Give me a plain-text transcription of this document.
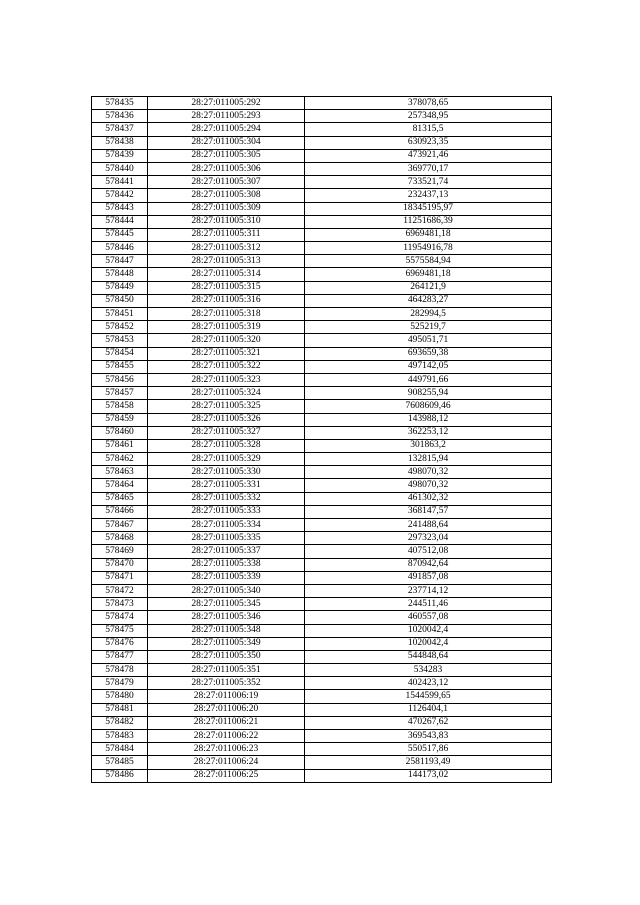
578435	28:27:011005:292	378078,65
578436	28:27:011005:293	257348,95
578437	28:27:011005:294	81315,5
578438	28:27:011005:304	630923,35
578439	28:27:011005:305	473921,46
578440	28:27:011005:306	369770,17
578441	28:27:011005:307	733521,74
578442	28:27:011005:308	232437,13
578443	28:27:011005:309	18345195,97
578444	28:27:011005:310	11251686,39
578445	28:27:011005:311	6969481,18
578446	28:27:011005:312	11954916,78
578447	28:27:011005:313	5575584,94
578448	28:27:011005:314	6969481,18
578449	28:27:011005:315	264121,9
578450	28:27:011005:316	464283,27
578451	28:27:011005:318	282994,5
578452	28:27:011005:319	525219,7
578453	28:27:011005:320	495051,71
578454	28:27:011005:321	693659,38
578455	28:27:011005:322	497142,05
578456	28:27:011005:323	449791,66
578457	28:27:011005:324	908255,94
578458	28:27:011005:325	7608609,46
578459	28:27:011005:326	143988,12
578460	28:27:011005:327	362253,12
578461	28:27:011005:328	301863,2
578462	28:27:011005:329	132815,94
578463	28:27:011005:330	498070,32
578464	28:27:011005:331	498070,32
578465	28:27:011005:332	461302,32
578466	28:27:011005:333	368147,57
578467	28:27:011005:334	241488,64
578468	28:27:011005:335	297323,04
578469	28:27:011005:337	407512,08
578470	28:27:011005:338	870942,64
578471	28:27:011005:339	491857,08
578472	28:27:011005:340	237714,12
578473	28:27:011005:345	244511,46
578474	28:27:011005:346	460557,08
578475	28:27:011005:348	1020042,4
578476	28:27:011005:349	1020042,4
578477	28:27:011005:350	544848,64
578478	28:27:011005:351	534283
578479	28:27:011005:352	402423,12
578480	28:27:011006:19	1544599,65
578481	28:27:011006:20	1126404,1
578482	28:27:011006:21	470267,62
578483	28:27:011006:22	369543,83
578484	28:27:011006:23	550517,86
578485	28:27:011006:24	2581193,49
578486	28:27:011006:25	144173,02
